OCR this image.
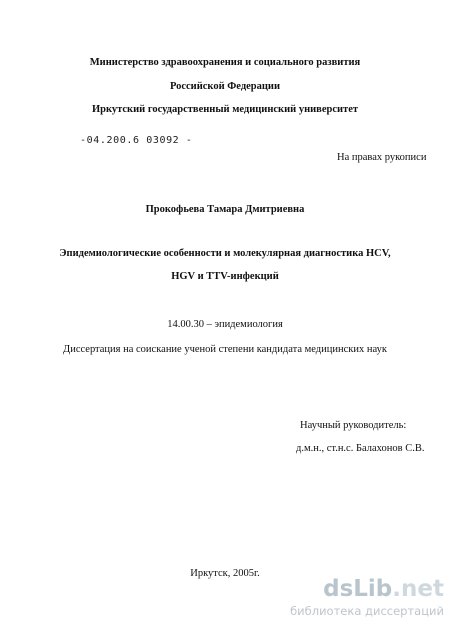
Министерство здравоохранения и социального развития
Российской Федерации
Иркутский государственный медицинский университет
-04.200.6 03092 -
На правах рукописи
Прокофьева Тамара Дмитриевна
Эпидемиологические особенности и молекулярная диагностика HCV,
HGV и TTV-инфекций
14.00.30 – эпидемиология
Диссертация на соискание ученой степени кандидата медицинских наук
Научный руководитель:
д.м.н., ст.н.с. Балахонов С.В.
Иркутск, 2005г.
dsLib.net
библиотека диссертаций
